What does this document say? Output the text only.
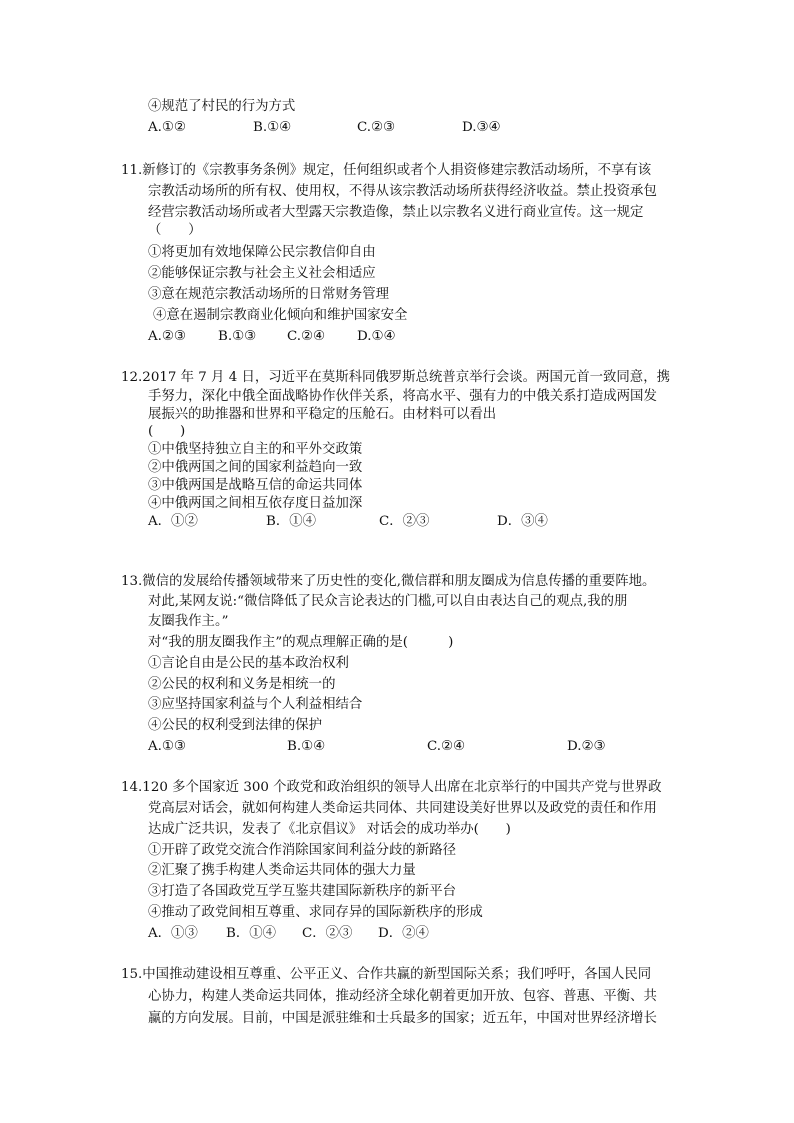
④规范了村民的行为方式
A.①②	B.①④	C.②③	D.③④
11.新修订的《宗教事务条例》规定，任何组织或者个人捐资修建宗教活动场所，不享有该
宗教活动场所的所有权、使用权，不得从该宗教活动场所获得经济收益。禁止投资承包
经营宗教活动场所或者大型露天宗教造像，禁止以宗教名义进行商业宣传。这一规定
（　　）
①将更加有效地保障公民宗教信仰自由
②能够保证宗教与社会主义社会相适应
③意在规范宗教活动场所的日常财务管理
④意在遏制宗教商业化倾向和维护国家安全
A.②③ B.①③ C.②④ D.①④
12.2017 年 7 月 4 日，习近平在莫斯科同俄罗斯总统普京举行会谈。两国元首一致同意，携
手努力，深化中俄全面战略协作伙伴关系，将高水平、强有力的中俄关系打造成两国发
展振兴的助推器和世界和平稳定的压舱石。由材料可以看出
(　　)
①中俄坚持独立自主的和平外交政策
②中俄两国之间的国家利益趋向一致
③中俄两国是战略互信的命运共同体
④中俄两国之间相互依存度日益加深
A．①②	B．①④	C．②③	D．③④
13.微信的发展给传播领域带来了历史性的变化,微信群和朋友圈成为信息传播的重要阵地。
对此,某网友说:“微信降低了民众言论表达的门槛,可以自由表达自己的观点,我的朋
友圈我作主。”
对“我的朋友圈我作主”的观点理解正确的是(　　　)
①言论自由是公民的基本政治权利
②公民的权利和义务是相统一的
③应坚持国家利益与个人利益相结合
④公民的权利受到法律的保护
A.①③	B.①④	C.②④	D.②③
14.120 多个国家近 300 个政党和政治组织的领导人出席在北京举行的中国共产党与世界政
党高层对话会，就如何构建人类命运共同体、共同建设美好世界以及政党的责任和作用
达成广泛共识，发表了《北京倡议》 对话会的成功举办(　　)
①开辟了政党交流合作消除国家间利益分歧的新路径
②汇聚了携手构建人类命运共同体的强大力量
③打造了各国政党互学互鉴共建国际新秩序的新平台
④推动了政党间相互尊重、求同存异的国际新秩序的形成
A．①③ B．①④ C．②③ D．②④
15.中国推动建设相互尊重、公平正义、合作共赢的新型国际关系；我们呼吁，各国人民同
心协力，构建人类命运共同体，推动经济全球化朝着更加开放、包容、普惠、平衡、共
赢的方向发展。目前，中国是派驻维和士兵最多的国家；近五年，中国对世界经济增长
